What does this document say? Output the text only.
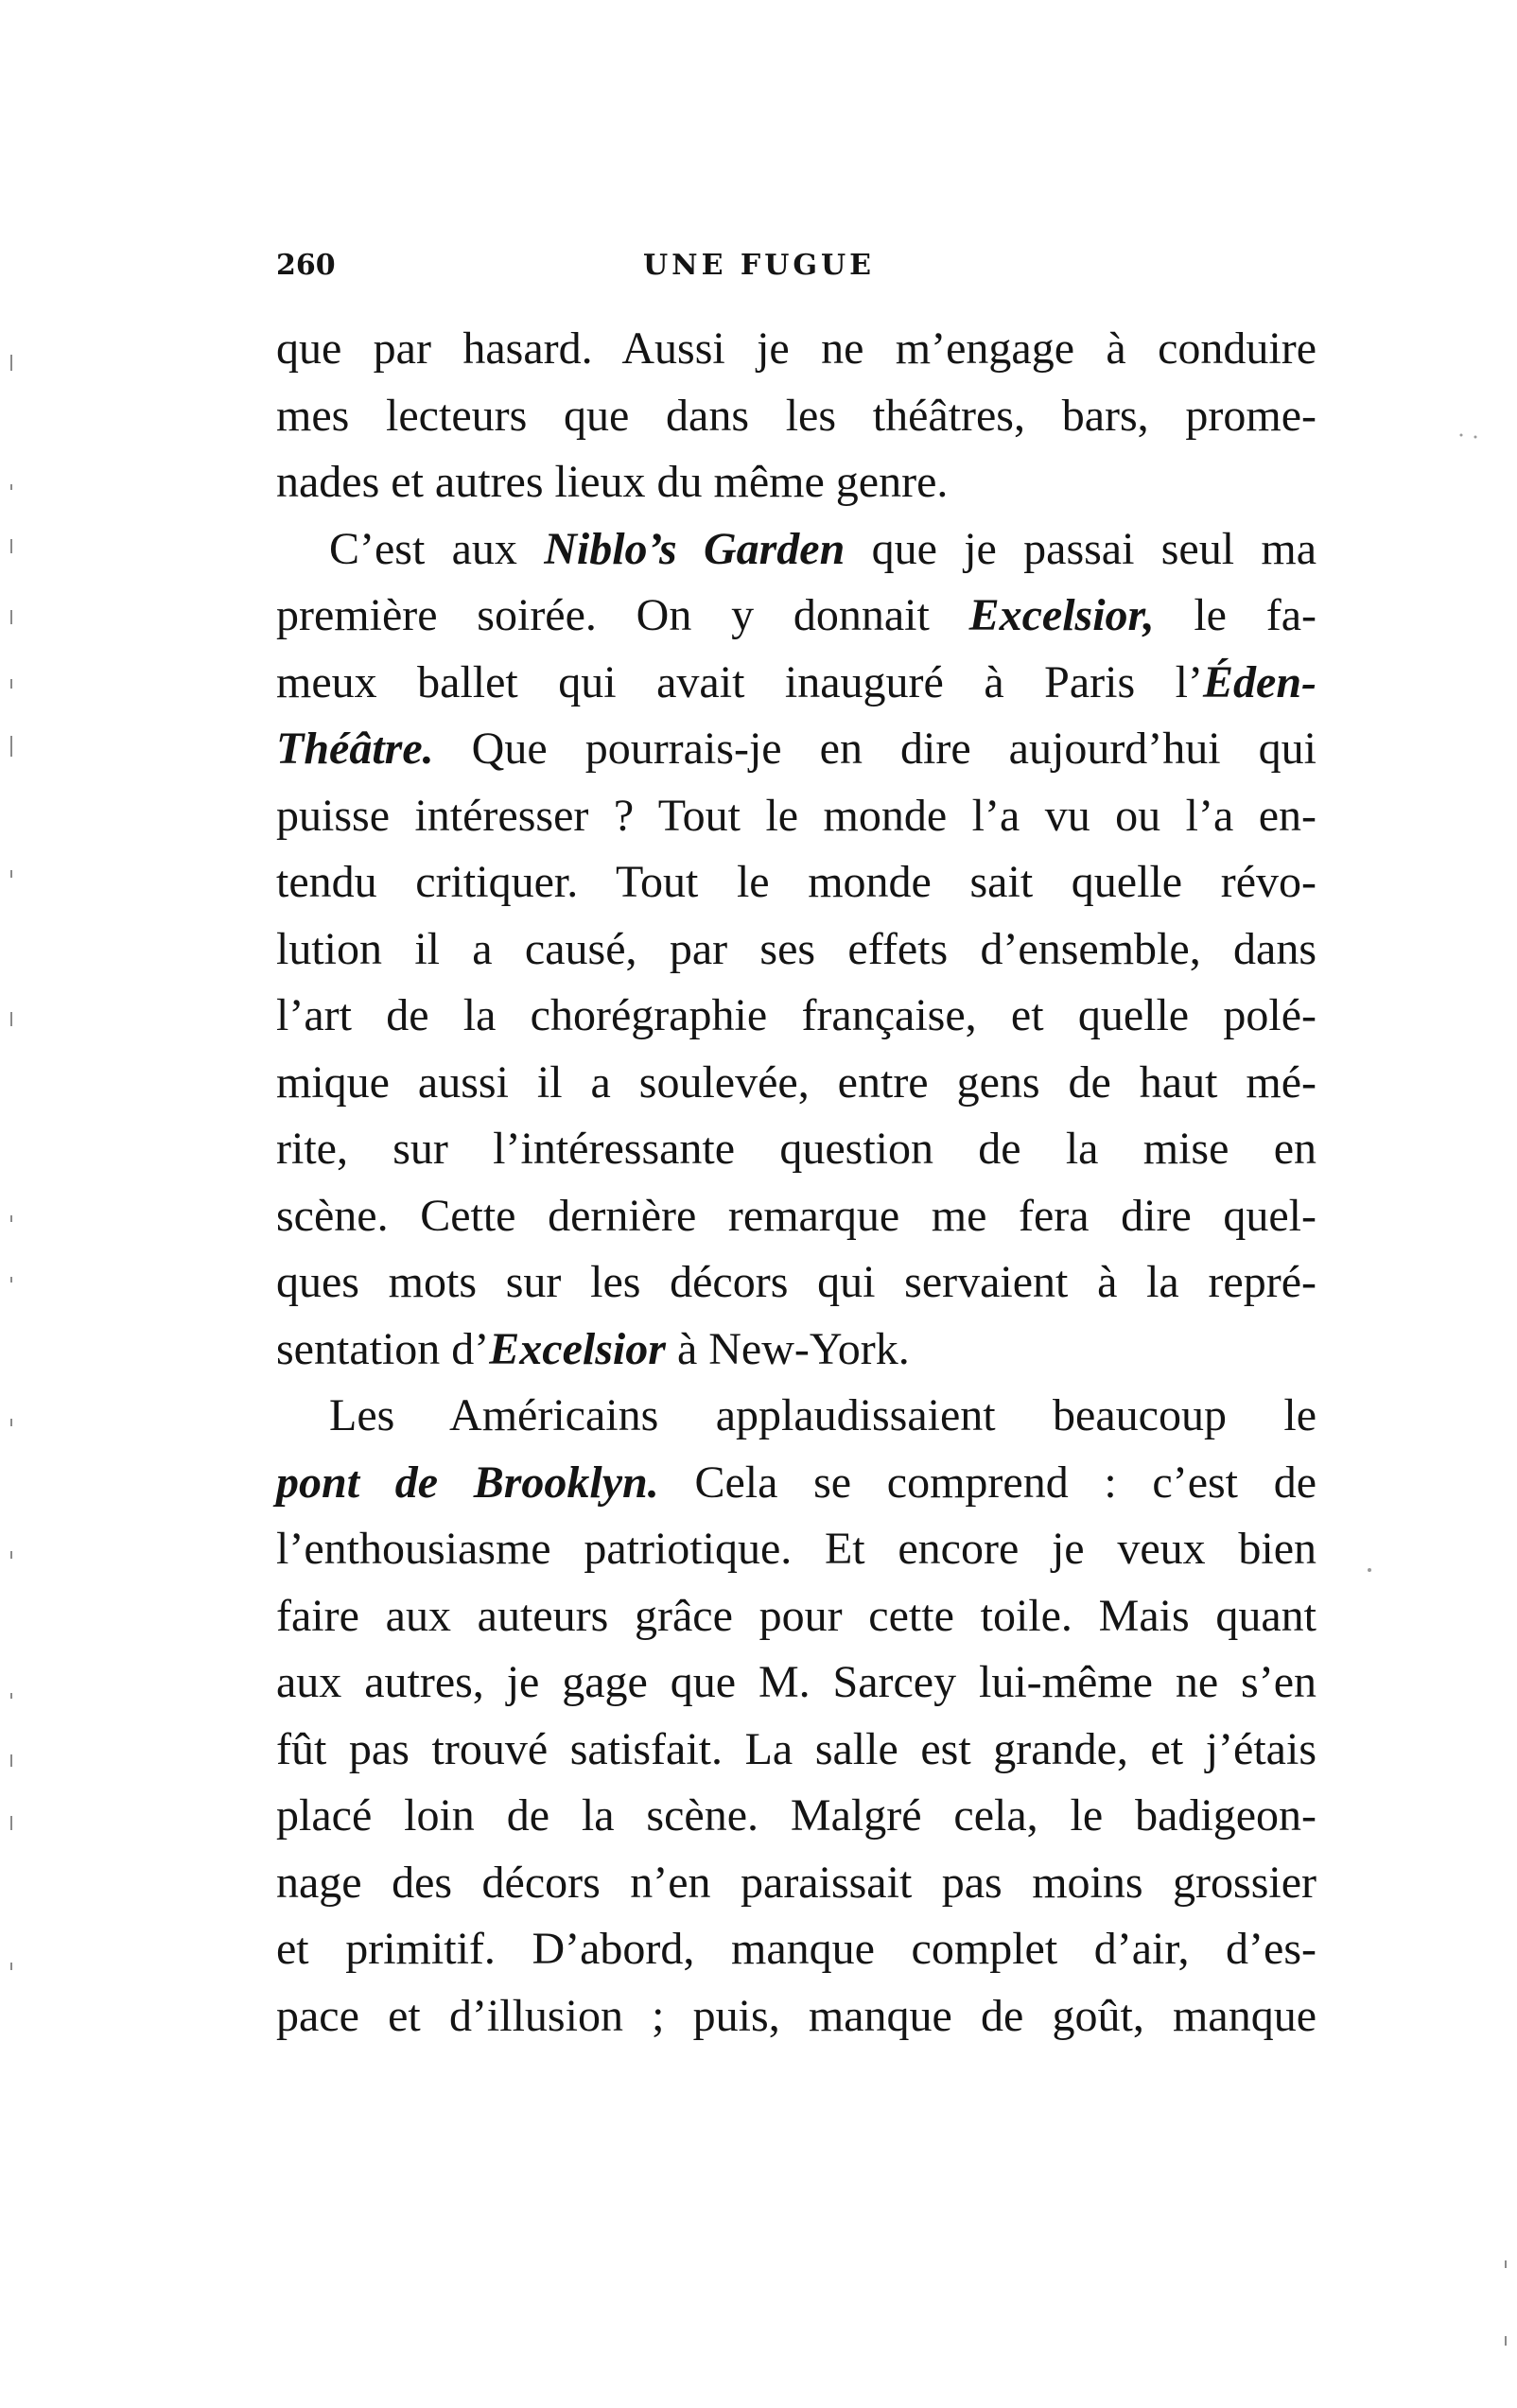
260	UNE FUGUE
que par hasard. Aussi je ne m’engage à conduire
mes lecteurs que dans les théâtres, bars, prome-
nades et autres lieux du même genre.
C’est aux Niblo’s Garden que je passai seul ma
première soirée. On y donnait Excelsior, le fa-
meux ballet qui avait inauguré à Paris l’Éden-
Théâtre. Que pourrais-je en dire aujourd’hui qui
puisse intéresser ? Tout le monde l’a vu ou l’a en-
tendu critiquer. Tout le monde sait quelle révo-
lution il a causé, par ses effets d’ensemble, dans
l’art de la chorégraphie française, et quelle polé-
mique aussi il a soulevée, entre gens de haut mé-
rite, sur l’intéressante question de la mise en
scène. Cette dernière remarque me fera dire quel-
ques mots sur les décors qui servaient à la repré-
sentation d’Excelsior à New-York.
Les Américains applaudissaient beaucoup le
pont de Brooklyn. Cela se comprend : c’est de
l’enthousiasme patriotique. Et encore je veux bien
faire aux auteurs grâce pour cette toile. Mais quant
aux autres, je gage que M. Sarcey lui-même ne s’en
fût pas trouvé satisfait. La salle est grande, et j’étais
placé loin de la scène. Malgré cela, le badigeon-
nage des décors n’en paraissait pas moins grossier
et primitif. D’abord, manque complet d’air, d’es-
pace et d’illusion ; puis, manque de goût, manque
